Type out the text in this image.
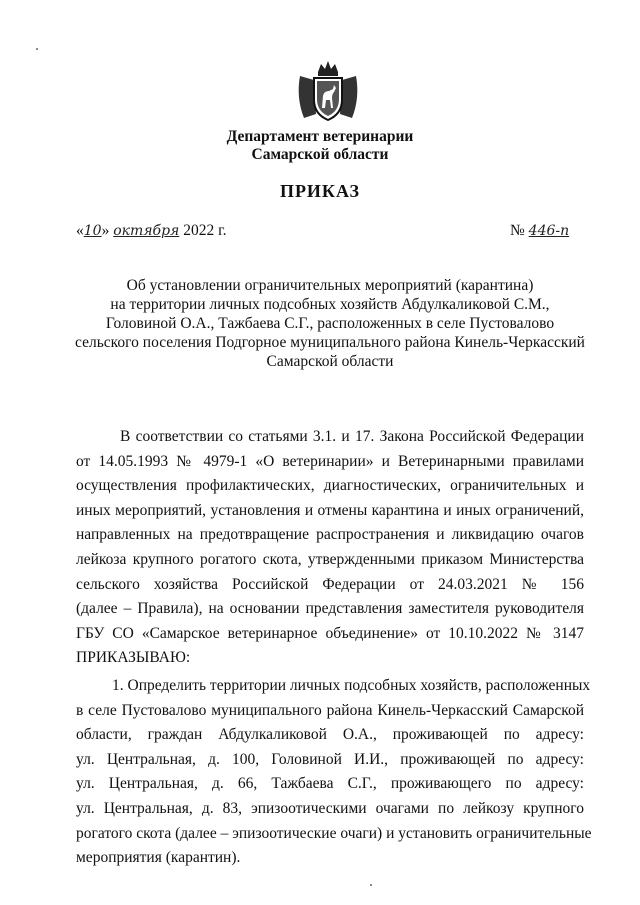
Департамент ветеринарии
Самарской области
ПРИКАЗ
«10» октября 2022 г.	№ 446-п
Об установлении ограничительных мероприятий (карантина)
на территории личных подсобных хозяйств Абдулкаликовой С.М.,
Головиной О.А., Тажбаева С.Г., расположенных в селе Пустовалово
сельского поселения Подгорное муниципального района Кинель-Черкасский
Самарской области
В соответствии со статьями 3.1. и 17. Закона Российской Федерации
от 14.05.1993 № 4979-1 «О ветеринарии» и Ветеринарными правилами
осуществления профилактических, диагностических, ограничительных и
иных мероприятий, установления и отмены карантина и иных ограничений,
направленных на предотвращение распространения и ликвидацию очагов
лейкоза крупного рогатого скота, утвержденными приказом Министерства
сельского хозяйства Российской Федерации от 24.03.2021 № 156
(далее – Правила), на основании представления заместителя руководителя
ГБУ СО «Самарское ветеринарное объединение» от 10.10.2022 № 3147
ПРИКАЗЫВАЮ:
1. Определить территории личных подсобных хозяйств, расположенных
в селе Пустовалово муниципального района Кинель-Черкасский Самарской
области, граждан Абдулкаликовой О.А., проживающей по адресу:
ул. Центральная, д. 100, Головиной И.И., проживающей по адресу:
ул. Центральная, д. 66, Тажбаева С.Г., проживающего по адресу:
ул. Центральная, д. 83, эпизоотическими очагами по лейкозу крупного
рогатого скота (далее – эпизоотические очаги) и установить ограничительные
мероприятия (карантин).
